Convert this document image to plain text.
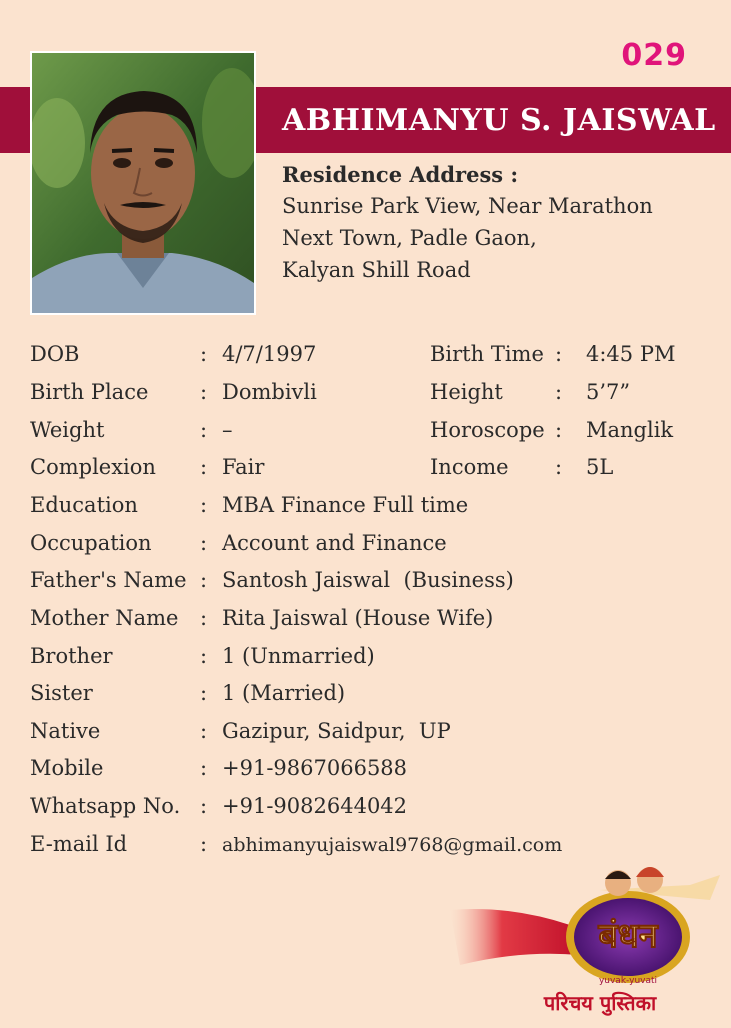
029
ABHIMANYU S. JAISWAL
Residence Address :
Sunrise Park View, Near Marathon
Next Town, Padle Gaon,
Kalyan Shill Road
DOB	: 4/7/1997	Birth Time : 4:45 PM
Birth Place : Dombivli	Height : 5’7”
Weight	: –	Horoscope : Manglik
Complexion : Fair	Income : 5L
Education	: MBA Finance Full time
Occupation : Account and Finance
Father's Name : Santosh Jaiswal  (Business)
Mother Name : Rita Jaiswal (House Wife)
Brother	: 1 (Unmarried)
Sister	: 1 (Married)
Native	: Gazipur, Saidpur,  UP
Mobile	: +91-9867066588
Whatsapp No. : +91-9082644042
E-mail Id	: abhimanyujaiswal9768@gmail.com
बंधन
yuvak-yuvati
परिचय पुस्तिका
